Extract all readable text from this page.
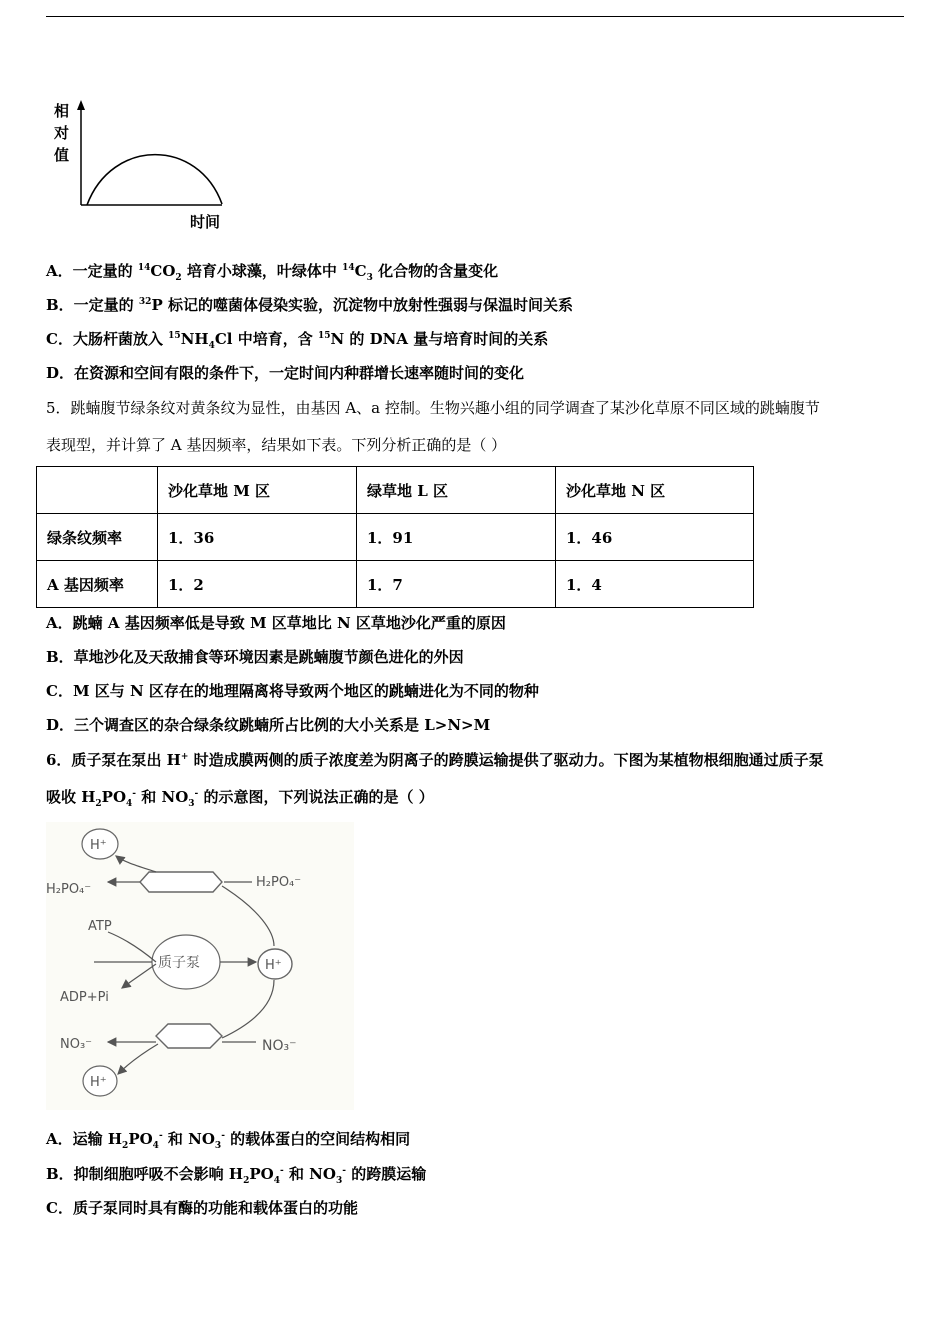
相
对
值
时间
A．一定量的 $^{14}CO_2$ 培育小球藻，叶绿体中 $^{14}C_3$ 化合物的含量变化
B．一定量的 $^{32}$P 标记的噬菌体侵染实验，沉淀物中放射性强弱与保温时间关系
C．大肠杆菌放入 $^{15}NH_4Cl$ 中培育，含 $^{15}$N 的 DNA 量与培育时间的关系
D．在资源和空间有限的条件下，一定时间内种群增长速率随时间的变化
5．跳蝻腹节绿条纹对黄条纹为显性，由基因 A、a 控制。生物兴趣小组的同学调查了某沙化草原不同区域的跳蝻腹节
表现型，并计算了 A 基因频率，结果如下表。下列分析正确的是（ ）
	沙化草地 M 区	绿草地 L 区	沙化草地 N 区
绿条纹频率	1．36	1．91	1．46
A 基因频率	1．2	1．7	1．4
A．跳蝻 A 基因频率低是导致 M 区草地比 N 区草地沙化严重的原因
B．草地沙化及天敌捕食等环境因素是跳蝻腹节颜色进化的外因
C．M 区与 N 区存在的地理隔离将导致两个地区的跳蝻进化为不同的物种
D．三个调查区的杂合绿条纹跳蝻所占比例的大小关系是 L>N>M
6．质子泵在泵出 H+ 时造成膜两侧的质子浓度差为阴离子的跨膜运输提供了驱动力。下图为某植物根细胞通过质子泵
吸收 $H_2PO_4^-$ 和 $NO_3^-$ 的示意图，下列说法正确的是（ ）
H⁺
H₂PO₄⁻	H₂PO₄⁻
ATP
质子泵
ADP+Pi
H⁺
NO₃⁻	NO₃⁻
H⁺
A．运输 $H_2PO_4^-$ 和 $NO_3^-$ 的载体蛋白的空间结构相同
B．抑制细胞呼吸不会影响 $H_2PO_4^-$ 和 $NO_3^-$ 的跨膜运输
C．质子泵同时具有酶的功能和载体蛋白的功能
